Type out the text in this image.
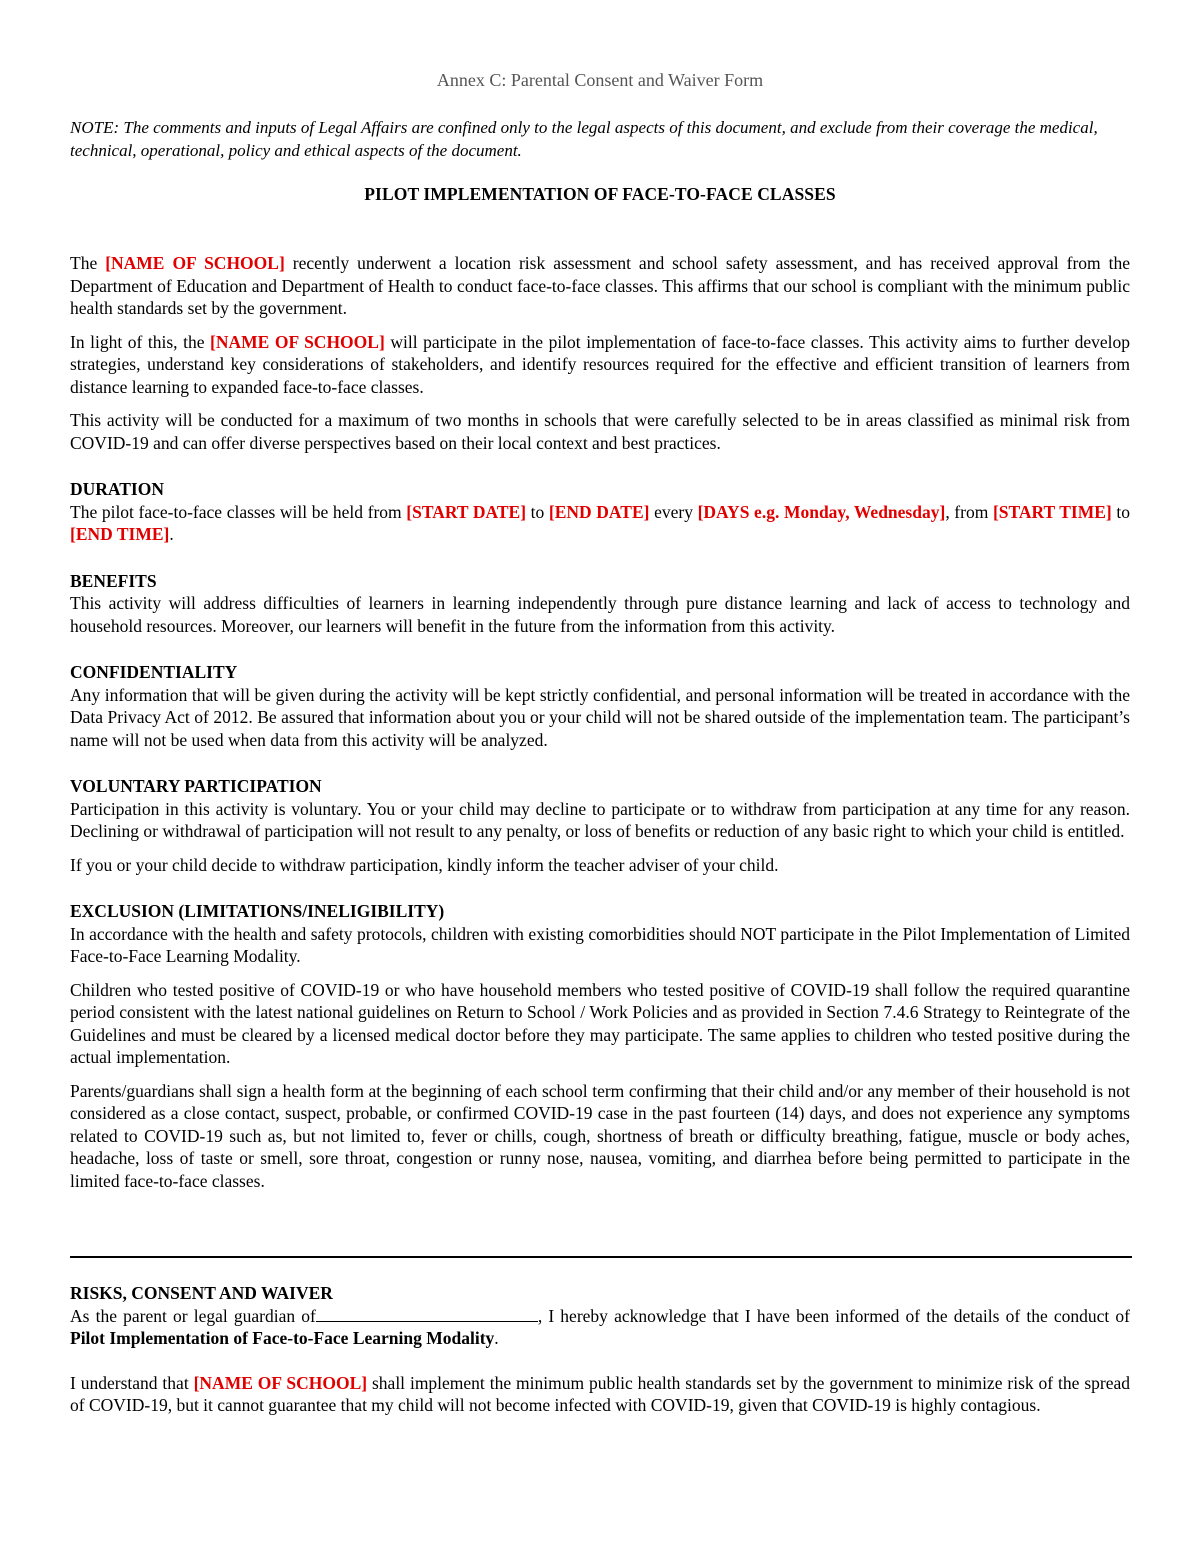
Annex C: Parental Consent and Waiver Form
NOTE: The comments and inputs of Legal Affairs are confined only to the legal aspects of this document, and exclude from their coverage the medical, technical, operational, policy and ethical aspects of the document.
PILOT IMPLEMENTATION OF FACE-TO-FACE CLASSES

The [NAME OF SCHOOL] recently underwent a location risk assessment and school safety assessment, and has received approval from the Department of Education and Department of Health to conduct face-to-face classes. This affirms that our school is compliant with the minimum public health standards set by the government.

In light of this, the [NAME OF SCHOOL] will participate in the pilot implementation of face-to-face classes. This activity aims to further develop strategies, understand key considerations of stakeholders, and identify resources required for the effective and efficient transition of learners from distance learning to expanded face-to-face classes.

This activity will be conducted for a maximum of two months in schools that were carefully selected to be in areas classified as minimal risk from COVID-19 and can offer diverse perspectives based on their local context and best practices.

DURATION

The pilot face-to-face classes will be held from [START DATE] to [END DATE] every [DAYS e.g. Monday, Wednesday], from [START TIME] to [END TIME].

BENEFITS

This activity will address difficulties of learners in learning independently through pure distance learning and lack of access to technology and household resources. Moreover, our learners will benefit in the future from the information from this activity.

CONFIDENTIALITY

Any information that will be given during the activity will be kept strictly confidential, and personal information will be treated in accordance with the Data Privacy Act of 2012. Be assured that information about you or your child will not be shared outside of the implementation team. The participant’s name will not be used when data from this activity will be analyzed.

VOLUNTARY PARTICIPATION

Participation in this activity is voluntary. You or your child may decline to participate or to withdraw from participation at any time for any reason. Declining or withdrawal of participation will not result to any penalty, or loss of benefits or reduction of any basic right to which your child is entitled.

If you or your child decide to withdraw participation, kindly inform the teacher adviser of your child.

EXCLUSION (LIMITATIONS/INELIGIBILITY)

In accordance with the health and safety protocols, children with existing comorbidities should NOT participate in the Pilot Implementation of Limited Face-to-Face Learning Modality.

Children who tested positive of COVID-19 or who have household members who tested positive of COVID-19 shall follow the required quarantine period consistent with the latest national guidelines on Return to School / Work Policies and as provided in Section 7.4.6 Strategy to Reintegrate of the Guidelines and must be cleared by a licensed medical doctor before they may participate. The same applies to children who tested positive during the actual implementation.

Parents/guardians shall sign a health form at the beginning of each school term confirming that their child and/or any member of their household is not considered as a close contact, suspect, probable, or confirmed COVID-19 case in the past fourteen (14) days, and does not experience any symptoms related to COVID-19 such as, but not limited to, fever or chills, cough, shortness of breath or difficulty breathing, fatigue, muscle or body aches, headache, loss of taste or smell, sore throat, congestion or runny nose, nausea, vomiting, and diarrhea before being permitted to participate in the limited face-to-face classes.

RISKS, CONSENT AND WAIVER

As the parent or legal guardian of	, I hereby acknowledge that I have been informed of the details of the conduct of Pilot Implementation of Face-to-Face Learning Modality.

I understand that [NAME OF SCHOOL] shall implement the minimum public health standards set by the government to minimize risk of the spread of COVID-19, but it cannot guarantee that my child will not become infected with COVID-19, given that COVID-19 is highly contagious.
